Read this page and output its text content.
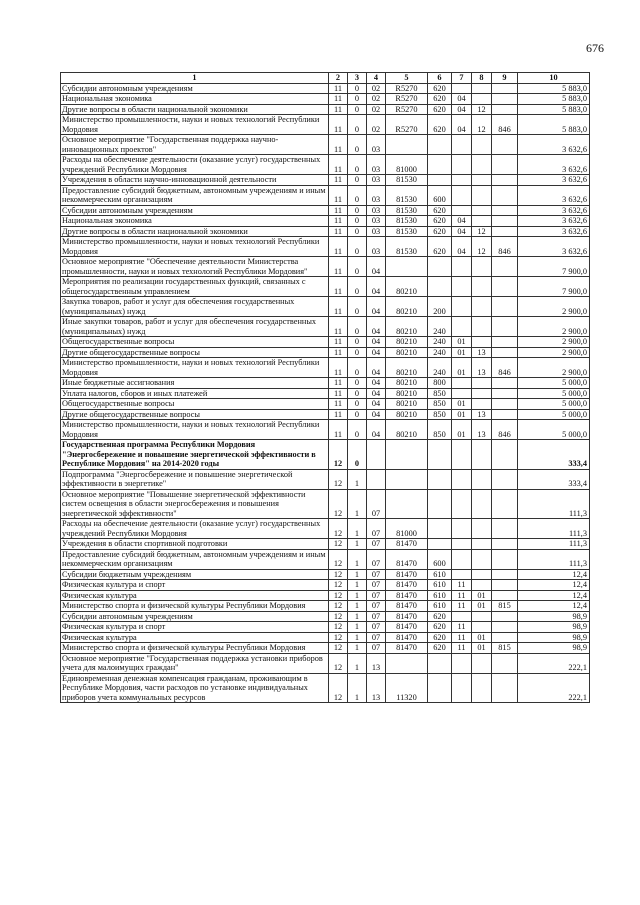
676
1	2	3	4	5	6	7	8	9	10
Субсидии автономным учреждениям	11	0	02	R5270	620				5 883,0
Национальная экономика	11	0	02	R5270	620	04			5 883,0
Другие вопросы в области национальной экономики	11	0	02	R5270	620	04	12		5 883,0
Министерство промышленности, науки и новых технологий Республики Мордовия	11	0	02	R5270	620	04	12	846	5 883,0
Основное мероприятие "Государственная поддержка научно-инновационных проектов"	11	0	03						3 632,6
Расходы на обеспечение деятельности (оказание услуг) государственных учреждений Республики Мордовия	11	0	03	81000					3 632,6
Учреждения в области научно-инновационной деятельности	11	0	03	81530					3 632,6
Предоставление субсидий бюджетным, автономным учреждениям и иным некоммерческим организациям	11	0	03	81530	600				3 632,6
Субсидии автономным учреждениям	11	0	03	81530	620				3 632,6
Национальная экономика	11	0	03	81530	620	04			3 632,6
Другие вопросы в области национальной экономики	11	0	03	81530	620	04	12		3 632,6
Министерство промышленности, науки и новых технологий Республики Мордовия	11	0	03	81530	620	04	12	846	3 632,6
Основное мероприятие "Обеспечение деятельности Министерства промышленности, науки и новых технологий Республики Мордовия"	11	0	04						7 900,0
Мероприятия по реализации государственных функций, связанных с общегосударственным управлением	11	0	04	80210					7 900,0
Закупка товаров, работ и услуг для обеспечения государственных (муниципальных) нужд	11	0	04	80210	200				2 900,0
Иные закупки товаров, работ и услуг для обеспечения государственных (муниципальных) нужд	11	0	04	80210	240				2 900,0
Общегосударственные вопросы	11	0	04	80210	240	01			2 900,0
Другие общегосударственные вопросы	11	0	04	80210	240	01	13		2 900,0
Министерство промышленности, науки и новых технологий Республики Мордовия	11	0	04	80210	240	01	13	846	2 900,0
Иные бюджетные ассигнования	11	0	04	80210	800				5 000,0
Уплата налогов, сборов и иных платежей	11	0	04	80210	850				5 000,0
Общегосударственные вопросы	11	0	04	80210	850	01			5 000,0
Другие общегосударственные вопросы	11	0	04	80210	850	01	13		5 000,0
Министерство промышленности, науки и новых технологий Республики Мордовия	11	0	04	80210	850	01	13	846	5 000,0
Государственная программа Республики Мордовия "Энергосбережение и повышение энергетической эффективности в Республике Мордовия" на 2014-2020 годы	12	0							333,4
Подпрограмма "Энергосбережение и повышение энергетической эффективности в энергетике"	12	1							333,4
Основное мероприятие "Повышение энергетической эффективности систем освещения в области энергосбережения и повышения энергетической эффективности"	12	1	07						111,3
Расходы на обеспечение деятельности (оказание услуг) государственных учреждений Республики Мордовия	12	1	07	81000					111,3
Учреждения в области спортивной подготовки	12	1	07	81470					111,3
Предоставление субсидий бюджетным, автономным учреждениям и иным некоммерческим организациям	12	1	07	81470	600				111,3
Субсидии бюджетным учреждениям	12	1	07	81470	610				12,4
Физическая культура и спорт	12	1	07	81470	610	11			12,4
Физическая культура	12	1	07	81470	610	11	01		12,4
Министерство спорта и физической культуры Республики Мордовия	12	1	07	81470	610	11	01	815	12,4
Субсидии автономным учреждениям	12	1	07	81470	620				98,9
Физическая культура и спорт	12	1	07	81470	620	11			98,9
Физическая культура	12	1	07	81470	620	11	01		98,9
Министерство спорта и физической культуры Республики Мордовия	12	1	07	81470	620	11	01	815	98,9
Основное мероприятие "Государственная поддержка установки приборов учета для малоимущих граждан"	12	1	13						222,1
Единовременная денежная компенсация гражданам, проживающим в Республике Мордовия, части расходов по установке индивидуальных приборов учета коммунальных ресурсов	12	1	13	11320					222,1
